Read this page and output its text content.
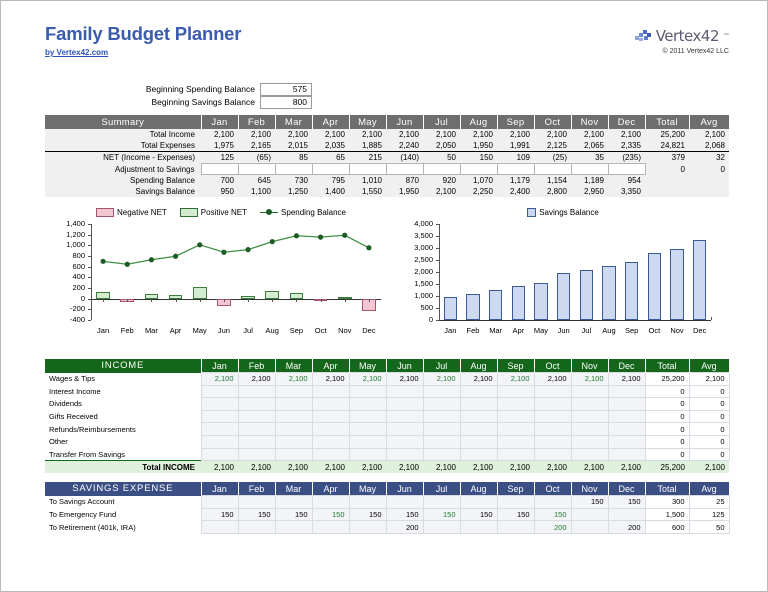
Family Budget Planner
by Vertex42.com
Vertex42 ™
© 2011 Vertex42 LLC
Beginning Spending Balance	575
Beginning Savings Balance	800
Summary	Jan	Feb	Mar	Apr	May	Jun	Jul	Aug	Sep	Oct	Nov	Dec	Total	Avg
Total Income	2,100	2,100	2,100	2,100	2,100	2,100	2,100	2,100	2,100	2,100	2,100	2,100	25,200	2,100
Total Expenses	1,975	2,165	2,015	2,035	1,885	2,240	2,050	1,950	1,991	2,125	2,065	2,335	24,821	2,068
NET (Income - Expenses)	125	(65)	85	65	215	(140)	50	150	109	(25)	35	(235)	379	32
Adjustment to Savings													0	0
Spending Balance	700	645	730	795	1,010	870	920	1,070	1,179	1,154	1,189	954		
Savings Balance	950	1,100	1,250	1,400	1,550	1,950	2,100	2,250	2,400	2,800	2,950	3,350		
Negative NET	Positive NET	Spending Balance
1,400
1,200
1,000
800
600
400
200
0
-200
-400
Jan	Feb	Mar	Apr	May	Jun	Jul	Aug	Sep	Oct	Nov	Dec
Savings Balance
4,000
3,500
3,000
2,500
2,000
1,500
1,000
500
0
Jan	Feb	Mar	Apr	May	Jun	Jul	Aug	Sep	Oct	Nov	Dec
INCOME	Jan	Feb	Mar	Apr	May	Jun	Jul	Aug	Sep	Oct	Nov	Dec	Total	Avg
Wages & Tips	2,100	2,100	2,100	2,100	2,100	2,100	2,100	2,100	2,100	2,100	2,100	2,100	25,200	2,100
Interest Income													0	0
Dividends													0	0
Gifts Received													0	0
Refunds/Reimbursements													0	0
Other													0	0
Transfer From Savings													0	0
Total INCOME	2,100	2,100	2,100	2,100	2,100	2,100	2,100	2,100	2,100	2,100	2,100	2,100	25,200	2,100
SAVINGS EXPENSE	Jan	Feb	Mar	Apr	May	Jun	Jul	Aug	Sep	Oct	Nov	Dec	Total	Avg
To Savings Account											150	150	300	25
To Emergency Fund	150	150	150	150	150	150	150	150	150	150			1,500	125
To Retirement (401k, IRA)						200				200		200	600	50
